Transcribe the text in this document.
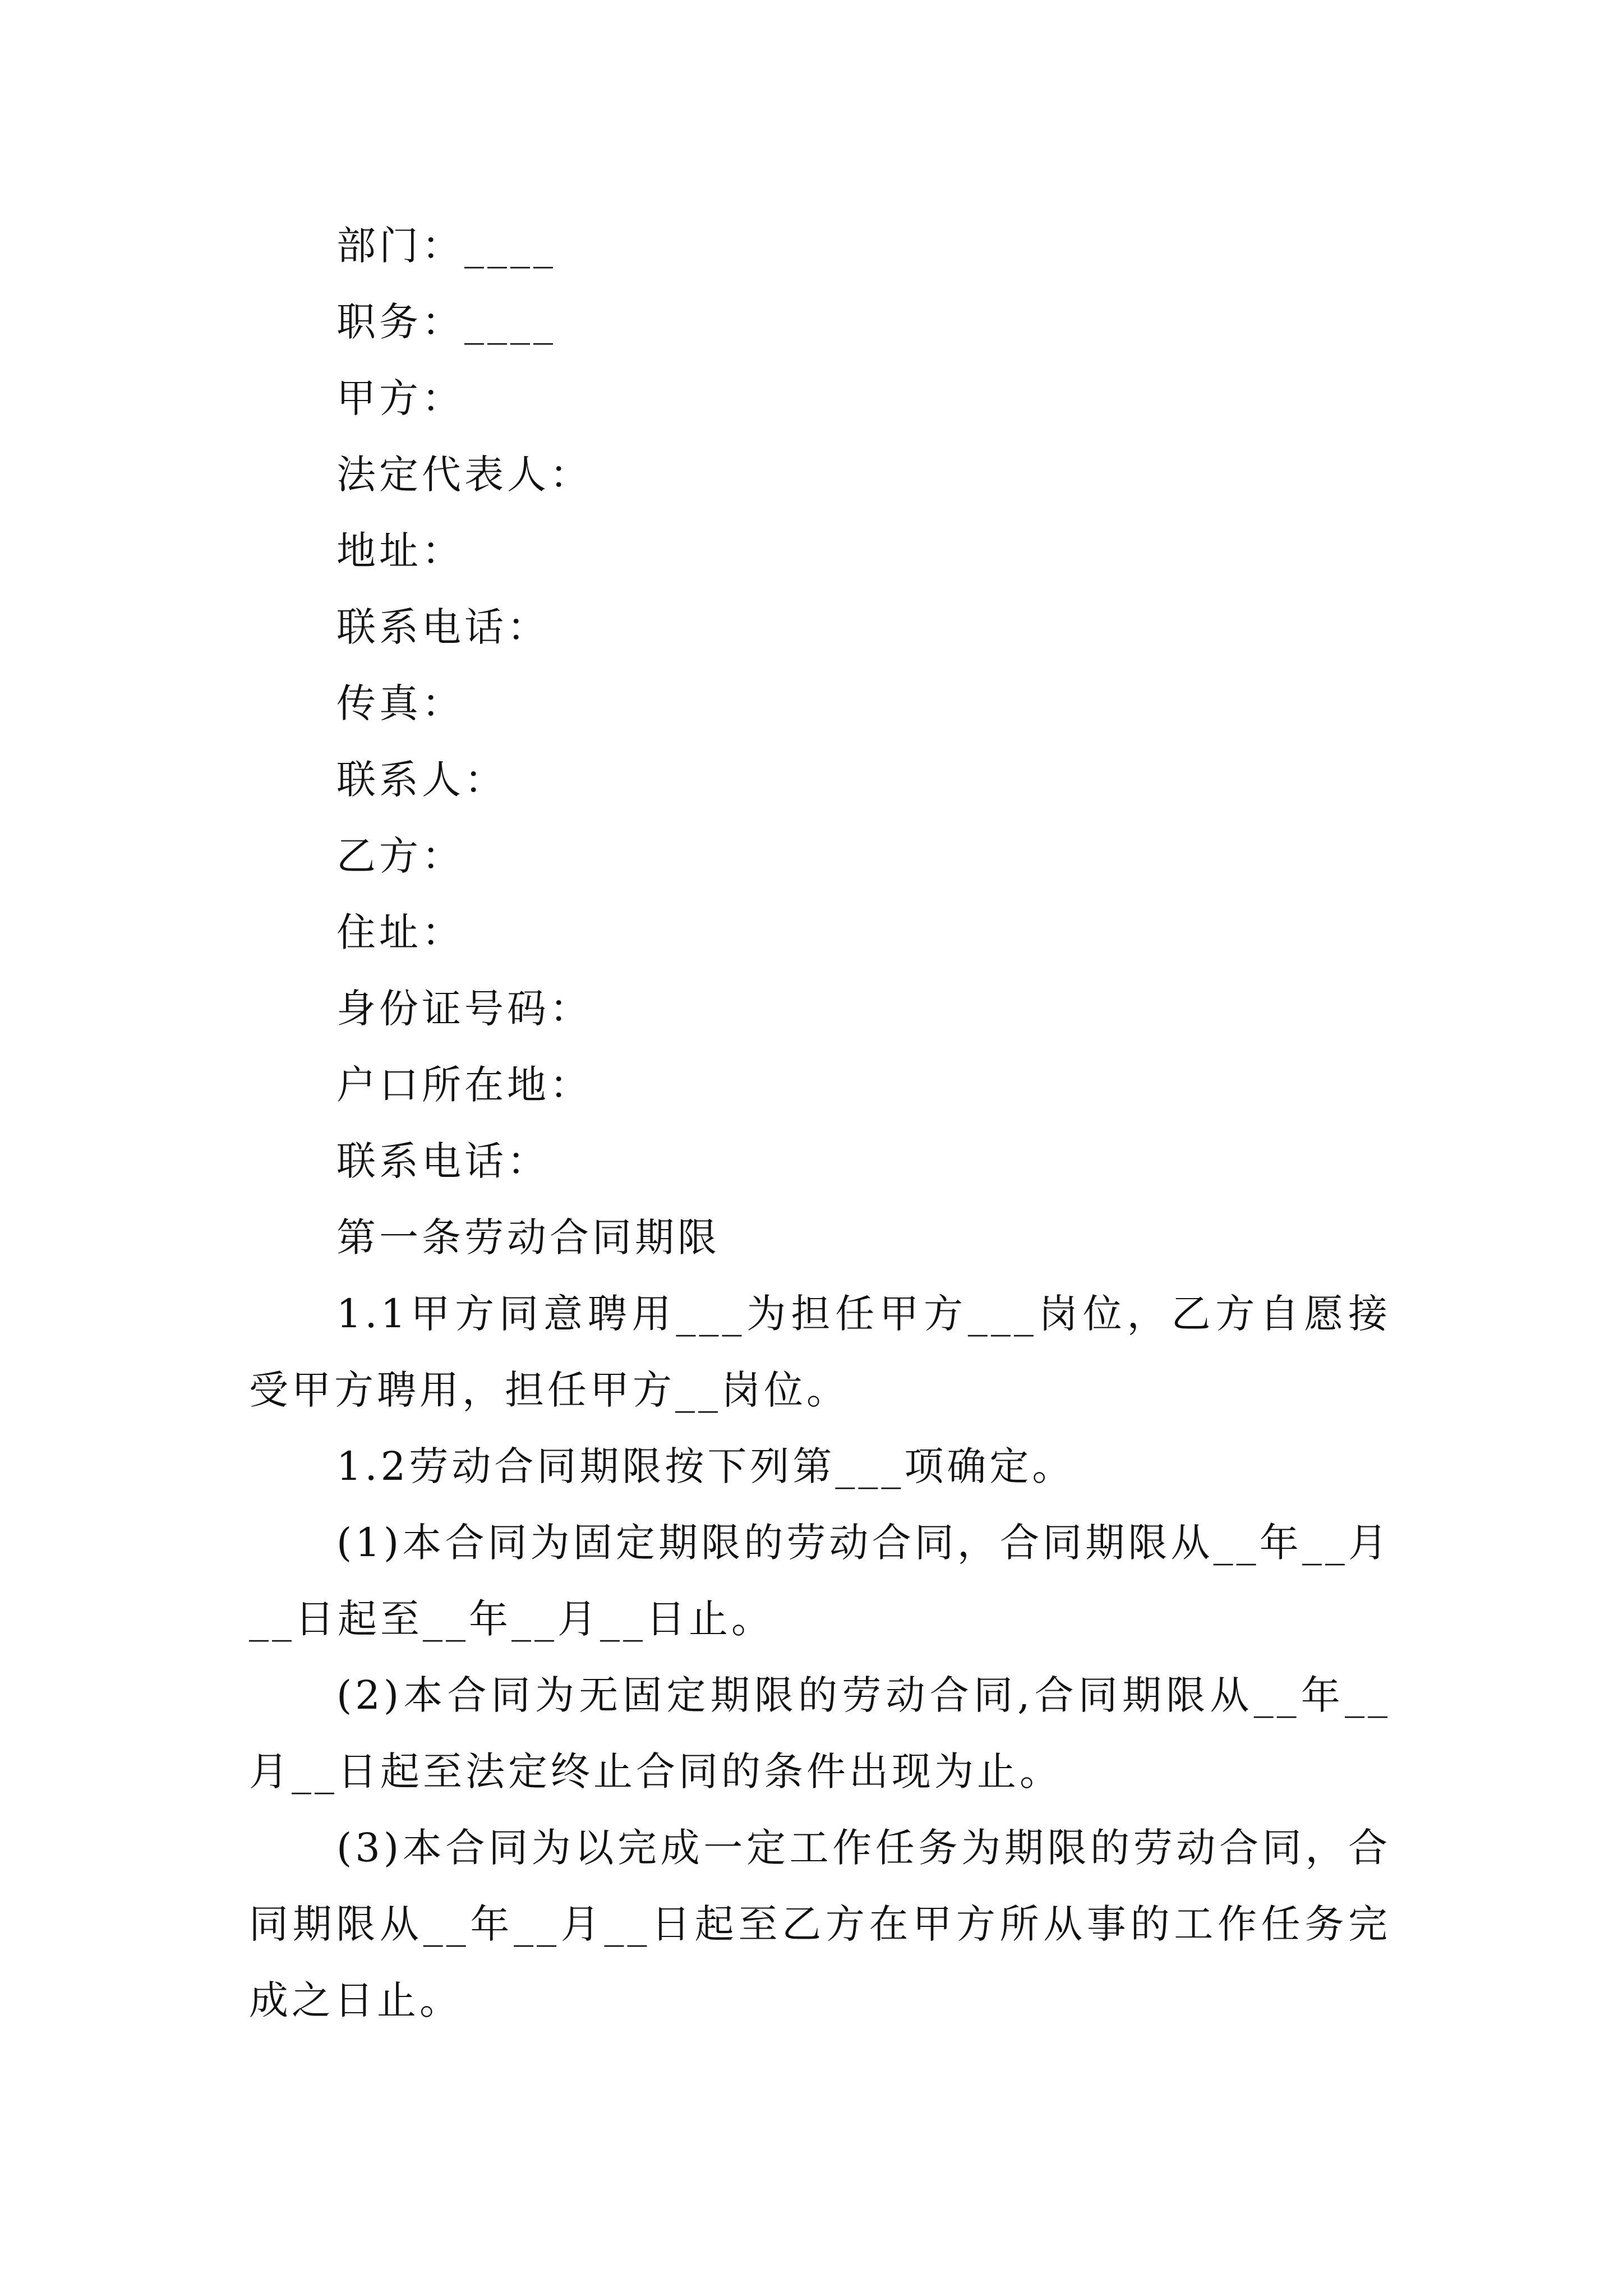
部门：____

职务：____

甲方：

法定代表人：

地址：

联系电话：

传真：

联系人：

乙方：

住址：

身份证号码：

户口所在地：

联系电话：

第一条劳动合同期限

1.1甲方同意聘用___为担任甲方___岗位，乙方自愿接受甲方聘用，担任甲方__岗位。

1.2劳动合同期限按下列第___项确定。

(1)本合同为固定期限的劳动合同，合同期限从__年__月__日起至__年__月__日止。

(2)本合同为无固定期限的劳动合同,合同期限从__年__月__日起至法定终止合同的条件出现为止。

(3)本合同为以完成一定工作任务为期限的劳动合同，合同期限从__年__月__日起至乙方在甲方所从事的工作任务完成之日止。
